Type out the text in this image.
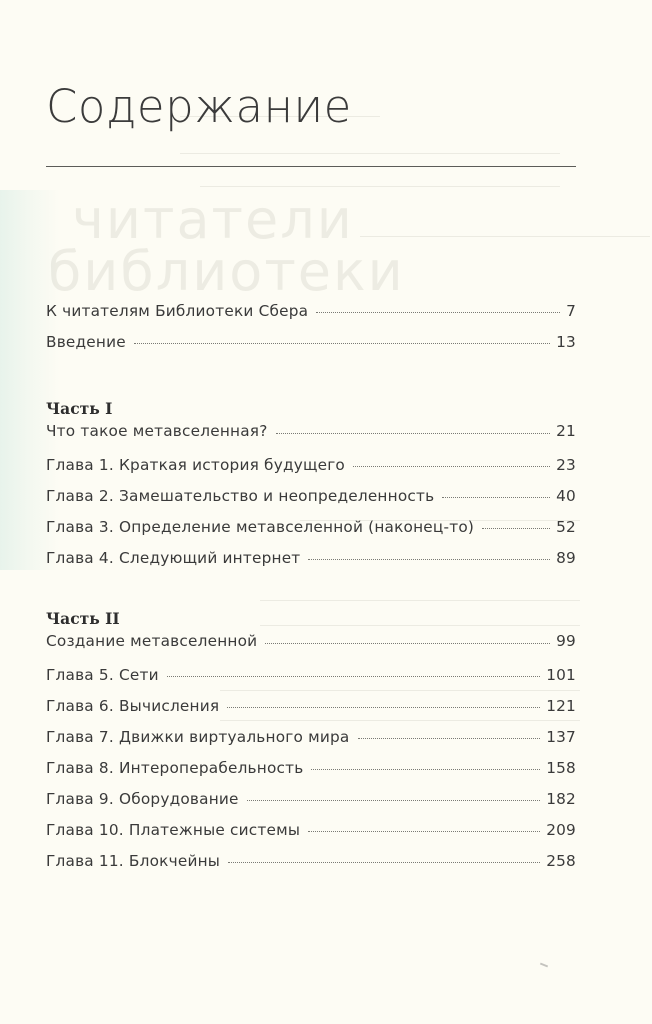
читатели
библиотеки
Содержание
К читателям Библиотеки Сбера	7
Введение	13
Часть I
Что такое метавселенная?	21
Глава 1. Краткая история будущего	23
Глава 2. Замешательство и неопределенность	40
Глава 3. Определение метавселенной (наконец-то)	52
Глава 4. Следующий интернет	89
Часть II
Создание метавселенной	99
Глава 5. Сети	101
Глава 6. Вычисления	121
Глава 7. Движки виртуального мира	137
Глава 8. Интероперабельность	158
Глава 9. Оборудование	182
Глава 10. Платежные системы	209
Глава 11. Блокчейны	258
